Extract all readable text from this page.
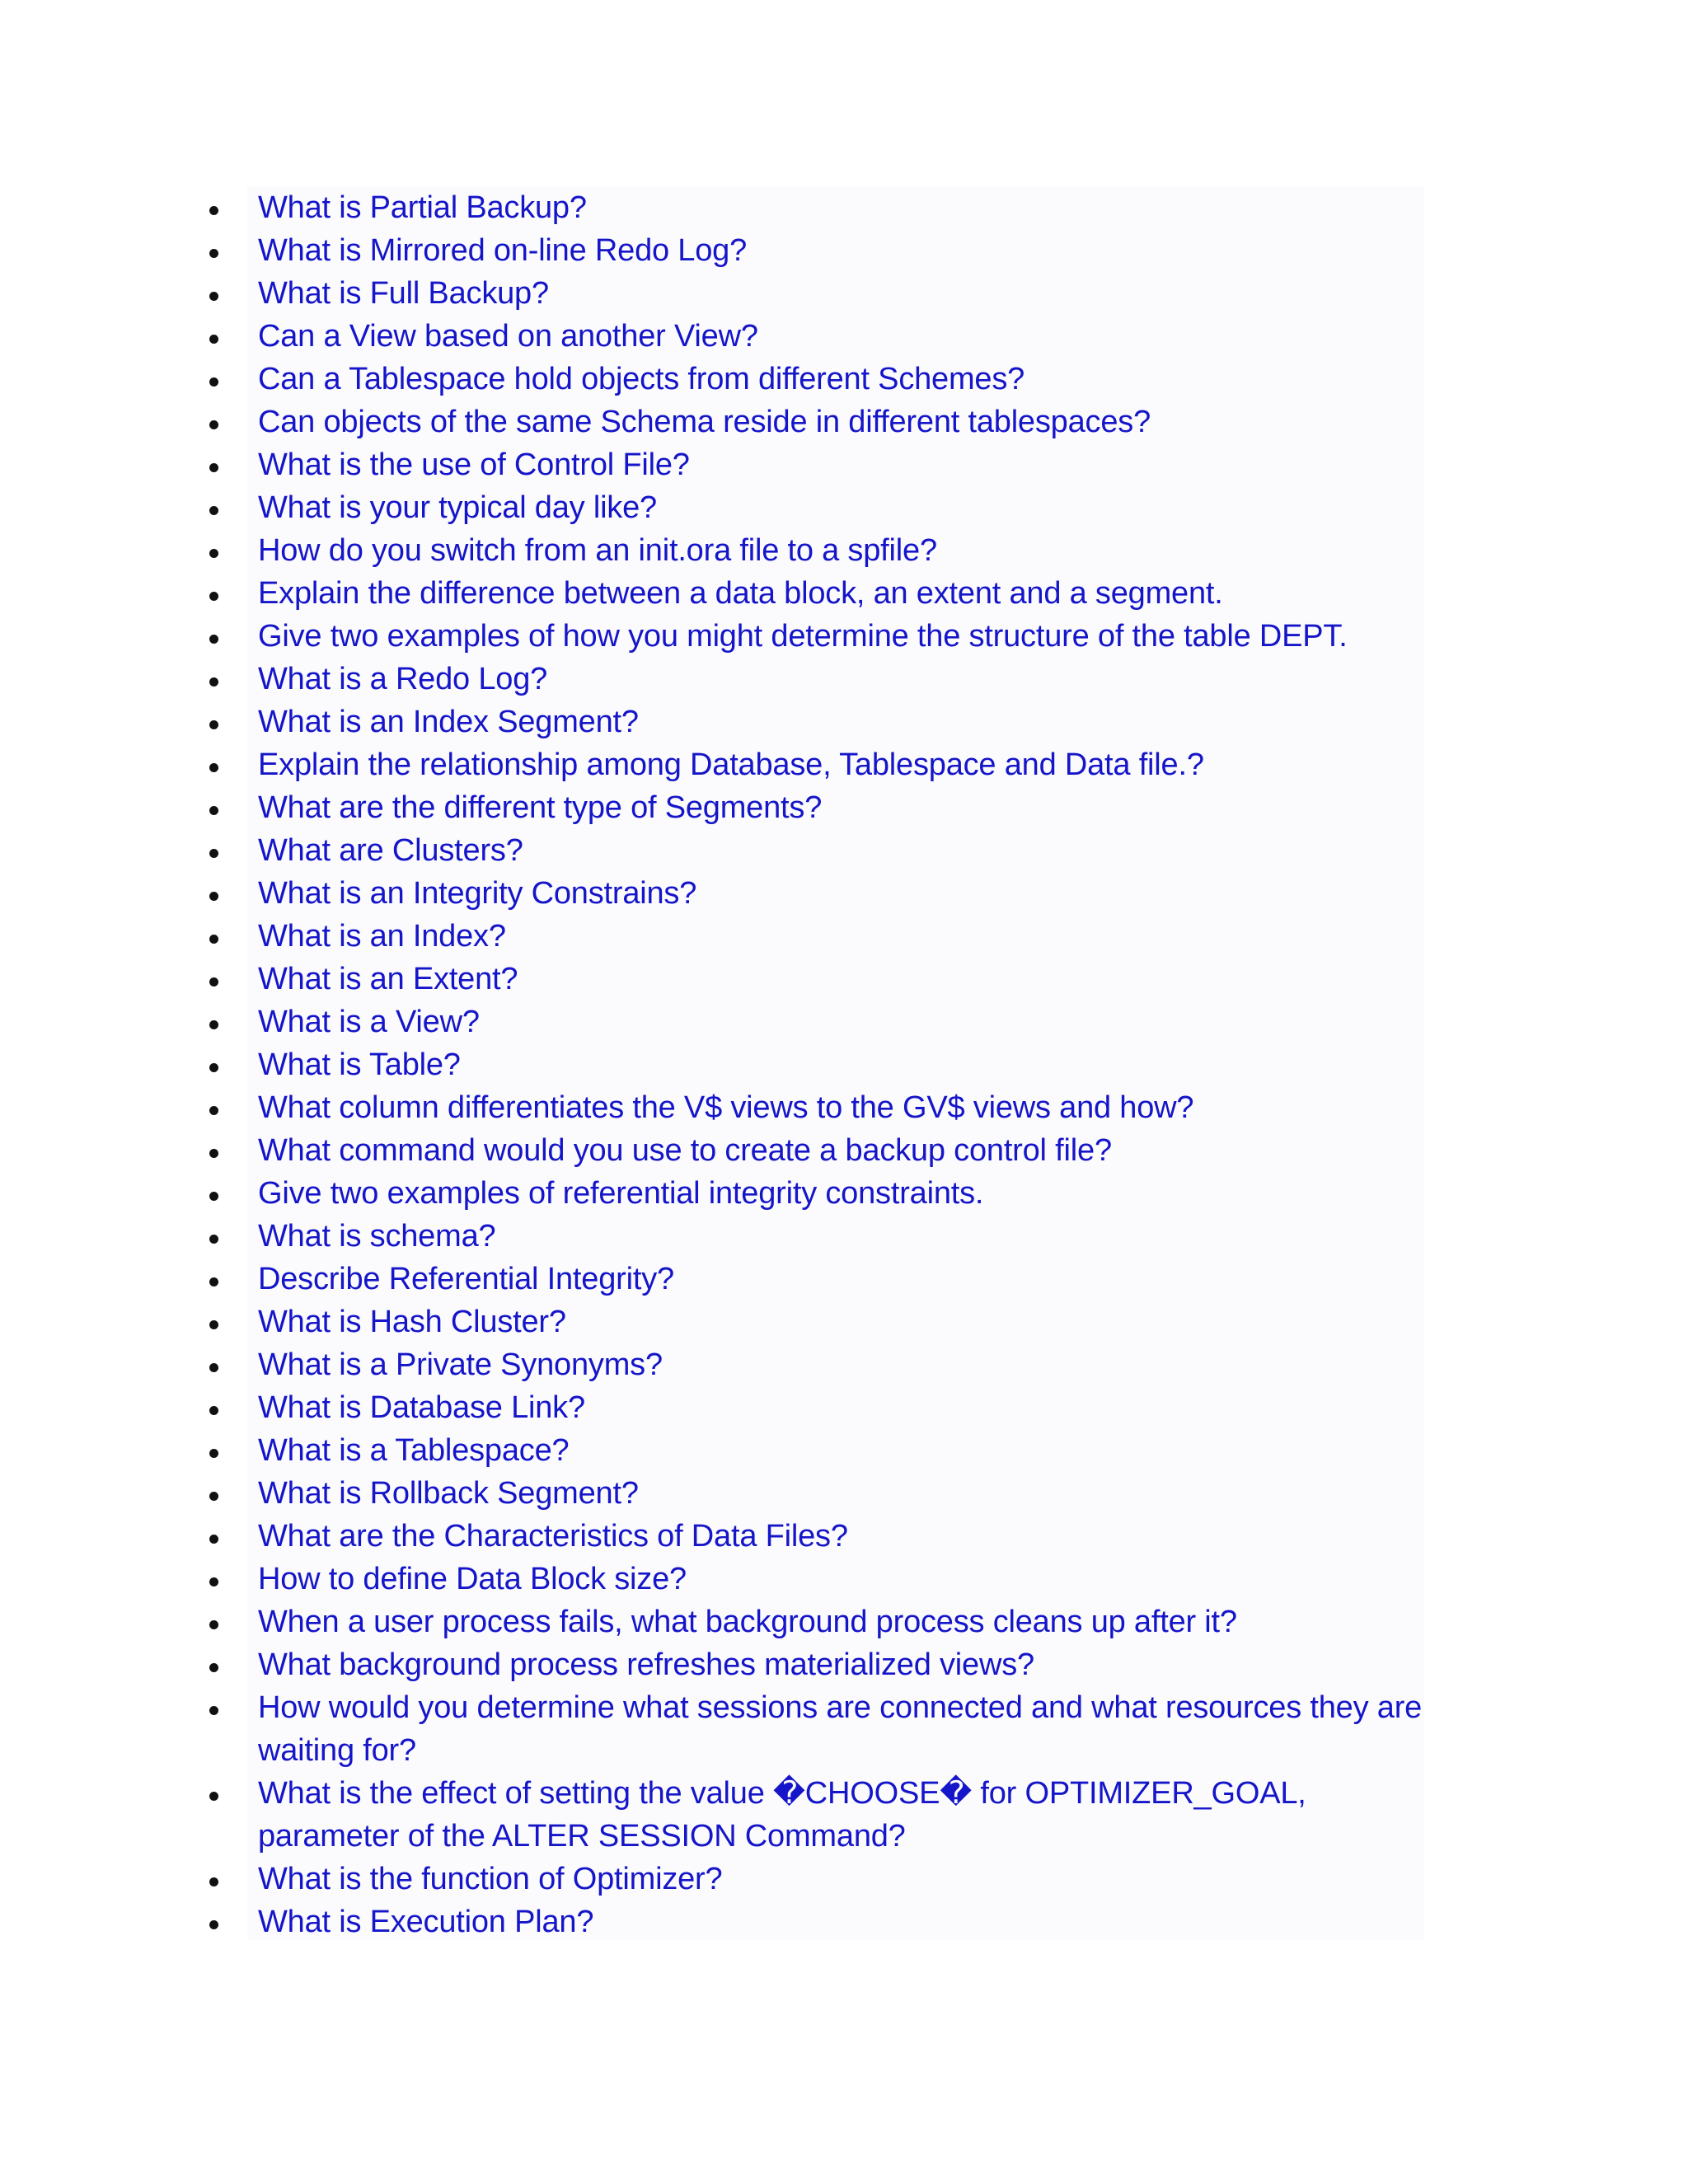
What is Partial Backup?
What is Mirrored on-line Redo Log?
What is Full Backup?
Can a View based on another View?
Can a Tablespace hold objects from different Schemes?
Can objects of the same Schema reside in different tablespaces?
What is the use of Control File?
What is your typical day like?
How do you switch from an init.ora file to a spfile?
Explain the difference between a data block, an extent and a segment.
Give two examples of how you might determine the structure of the table DEPT.
What is a Redo Log?
What is an Index Segment?
Explain the relationship among Database, Tablespace and Data file.?
What are the different type of Segments?
What are Clusters?
What is an Integrity Constrains?
What is an Index?
What is an Extent?
What is a View?
What is Table?
What column differentiates the V$ views to the GV$ views and how?
What command would you use to create a backup control file?
Give two examples of referential integrity constraints.
What is schema?
Describe Referential Integrity?
What is Hash Cluster?
What is a Private Synonyms?
What is Database Link?
What is a Tablespace?
What is Rollback Segment?
What are the Characteristics of Data Files?
How to define Data Block size?
When a user process fails, what background process cleans up after it?
What background process refreshes materialized views?
How would you determine what sessions are connected and what resources they are waiting for?
What is the effect of setting the value �CHOOSE� for OPTIMIZER_GOAL, parameter of the ALTER SESSION Command?
What is the function of Optimizer?
What is Execution Plan?
